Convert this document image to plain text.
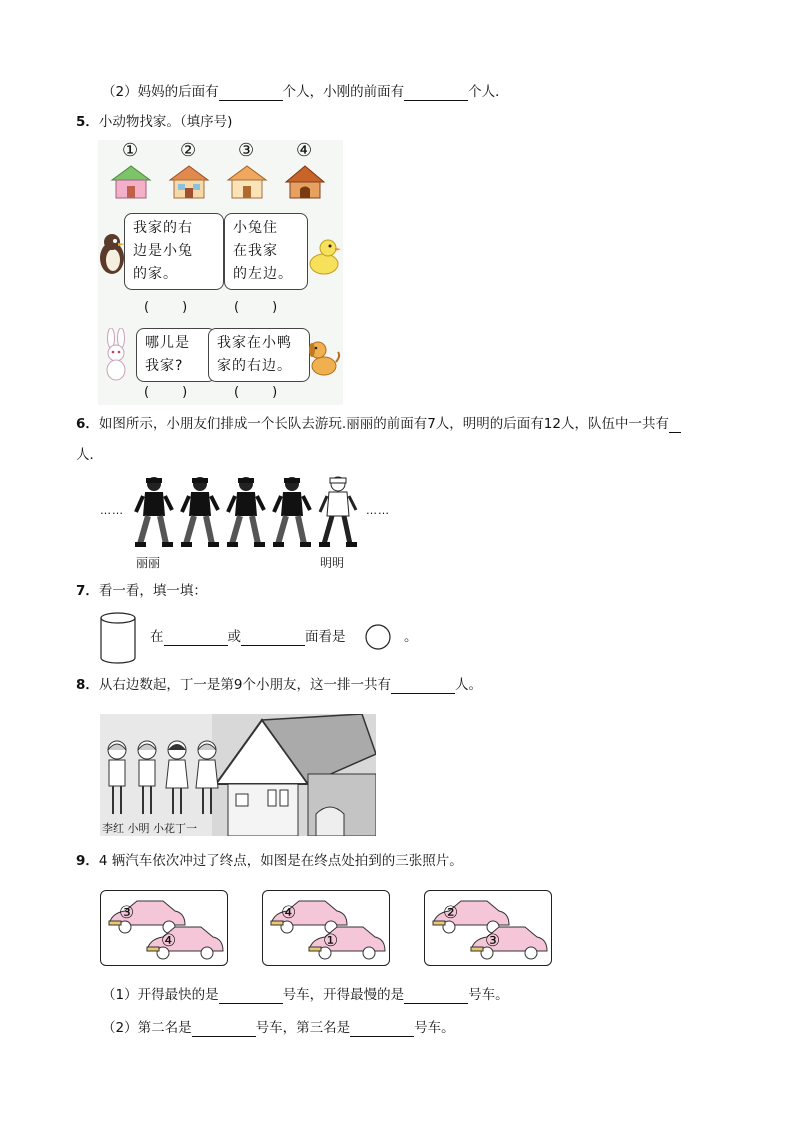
（2）妈妈的后面有	个人，小刚的前面有	个人．
5．小动物找家。（填序号)
① ② ③ ④
我家的右
边是小兔
的家。
小兔住
在我家
的左边。
(        )	(        )
哪儿是
我家?
我家在小鸭
家的右边。
(        )	(        )
6．如图所示，小朋友们排成一个长队去游玩.丽丽的前面有7人，明明的后面有12人，队伍中一共有
人．
……	……
丽丽	明明
7．看一看，填一填：
在	或	面看是	。
8．从右边数起，丁一是第9个小朋友，这一排一共有	人。
李红 小明 小花丁一
9．4 辆汽车依次冲过了终点，如图是在终点处拍到的三张照片。
③
④
④
①
②
③
（1）开得最快的是	号车，开得最慢的是	号车。
（2）第二名是	号车，第三名是	号车。
